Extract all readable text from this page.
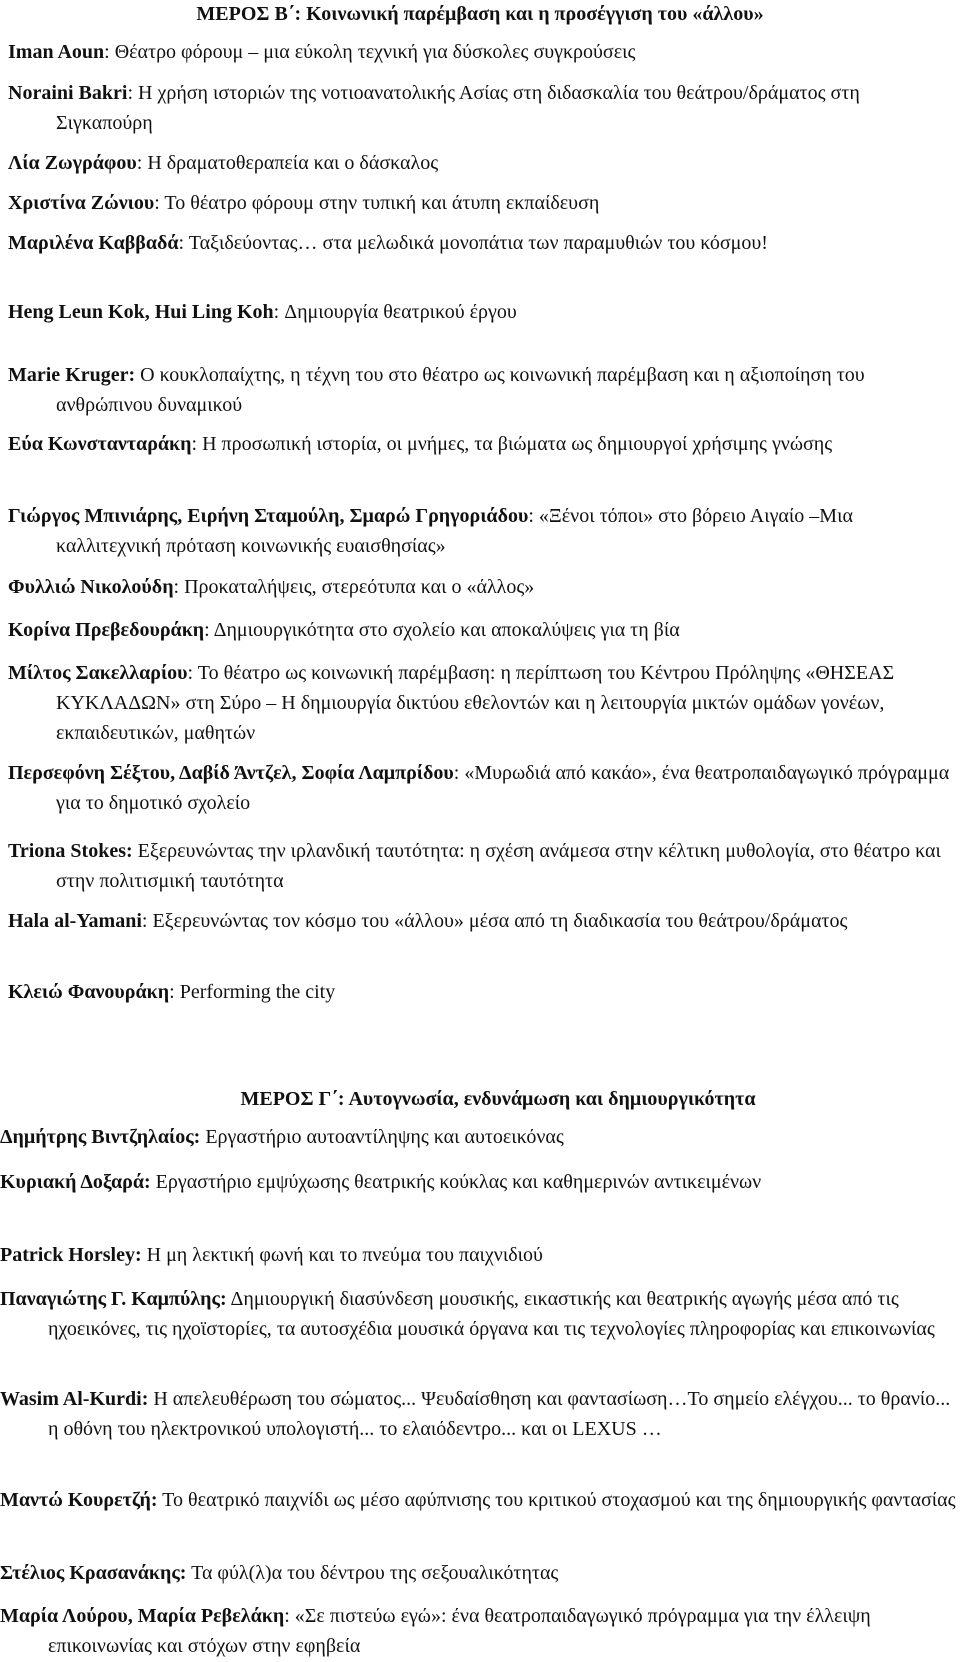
ΜΕΡΟΣ Β΄: Κοινωνική παρέμβαση και η προσέγγιση του «άλλου»
Iman Aoun: Θέατρο φόρουμ – μια εύκολη τεχνική για δύσκολες συγκρούσεις
Noraini Bakri: Η χρήση ιστοριών της νοτιοανατολικής Ασίας στη διδασκαλία του θεάτρου/δράματος στη Σιγκαπούρη
Λία Ζωγράφου: Η δραματοθεραπεία και ο δάσκαλος
Χριστίνα Ζώνιου: Το θέατρο φόρουμ στην τυπική και άτυπη εκπαίδευση
Μαριλένα Καββαδά: Ταξιδεύοντας… στα μελωδικά μονοπάτια των παραμυθιών του κόσμου!
Heng Leun Kok, Hui Ling Koh: Δημιουργία θεατρικού έργου
Marie Kruger: Ο κουκλοπαίχτης, η τέχνη του στο θέατρο ως κοινωνική παρέμβαση και η αξιοποίηση του ανθρώπινου δυναμικού
Εύα Κωνστανταράκη: Η προσωπική ιστορία, οι μνήμες, τα βιώματα ως δημιουργοί χρήσιμης γνώσης
Γιώργος Μπινιάρης, Ειρήνη Σταμούλη, Σμαρώ Γρηγοριάδου: «Ξένοι τόποι» στο βόρειο Αιγαίο –Μια καλλιτεχνική πρόταση κοινωνικής ευαισθησίας»
Φυλλιώ Νικολούδη: Προκαταλήψεις, στερεότυπα και ο «άλλος»
Κορίνα Πρεβεδουράκη: Δημιουργικότητα στο σχολείο και αποκαλύψεις για τη βία
Μίλτος Σακελλαρίου: Το θέατρο ως κοινωνική παρέμβαση: η περίπτωση του Κέντρου Πρόληψης «ΘΗΣΕΑΣ ΚΥΚΛΑΔΩΝ» στη Σύρο – Η δημιουργία δικτύου εθελοντών και η λειτουργία μικτών ομάδων γονέων, εκπαιδευτικών, μαθητών
Περσεφόνη Σέξτου, Δαβίδ Άντζελ, Σοφία Λαμπρίδου: «Μυρωδιά από κακάο», ένα θεατροπαιδαγωγικό πρόγραμμα για το δημοτικό σχολείο
Triona Stokes: Εξερευνώντας την ιρλανδική ταυτότητα: η σχέση ανάμεσα στην κέλτικη μυθολογία, στο θέατρο και στην πολιτισμική ταυτότητα
Hala al-Yamani: Εξερευνώντας τον κόσμο του «άλλου» μέσα από τη διαδικασία του θεάτρου/δράματος
Κλειώ Φανουράκη: Performing the city
ΜΕΡΟΣ Γ΄: Αυτογνωσία, ενδυνάμωση και δημιουργικότητα
Δημήτρης Βιντζηλαίος: Εργαστήριο αυτοαντίληψης και αυτοεικόνας
Κυριακή Δοξαρά: Εργαστήριο εμψύχωσης θεατρικής κούκλας και καθημερινών αντικειμένων
Patrick Horsley: Η μη λεκτική φωνή και το πνεύμα του παιχνιδιού
Παναγιώτης Γ. Καμπύλης: Δημιουργική διασύνδεση μουσικής, εικαστικής και θεατρικής αγωγής μέσα από τις ηχοεικόνες, τις ηχοϊστορίες, τα αυτοσχέδια μουσικά όργανα και τις τεχνολογίες πληροφορίας και επικοινωνίας
Wasim Al-Kurdi: Η απελευθέρωση του σώματος... Ψευδαίσθηση και φαντασίωση…Το σημείο ελέγχου... το θρανίο... η οθόνη του ηλεκτρονικού υπολογιστή... το ελαιόδεντρο... και οι LEXUS …
Μαντώ Κουρετζή: Το θεατρικό παιχνίδι ως μέσο αφύπνισης του κριτικού στοχασμού και της δημιουργικής φαντασίας
Στέλιος Κρασανάκης: Τα φύλ(λ)α του δέντρου της σεξουαλικότητας
Μαρία Λούρου, Μαρία Ρεβελάκη: «Σε πιστεύω εγώ»: ένα θεατροπαιδαγωγικό πρόγραμμα για την έλλειψη επικοινωνίας και στόχων στην εφηβεία
